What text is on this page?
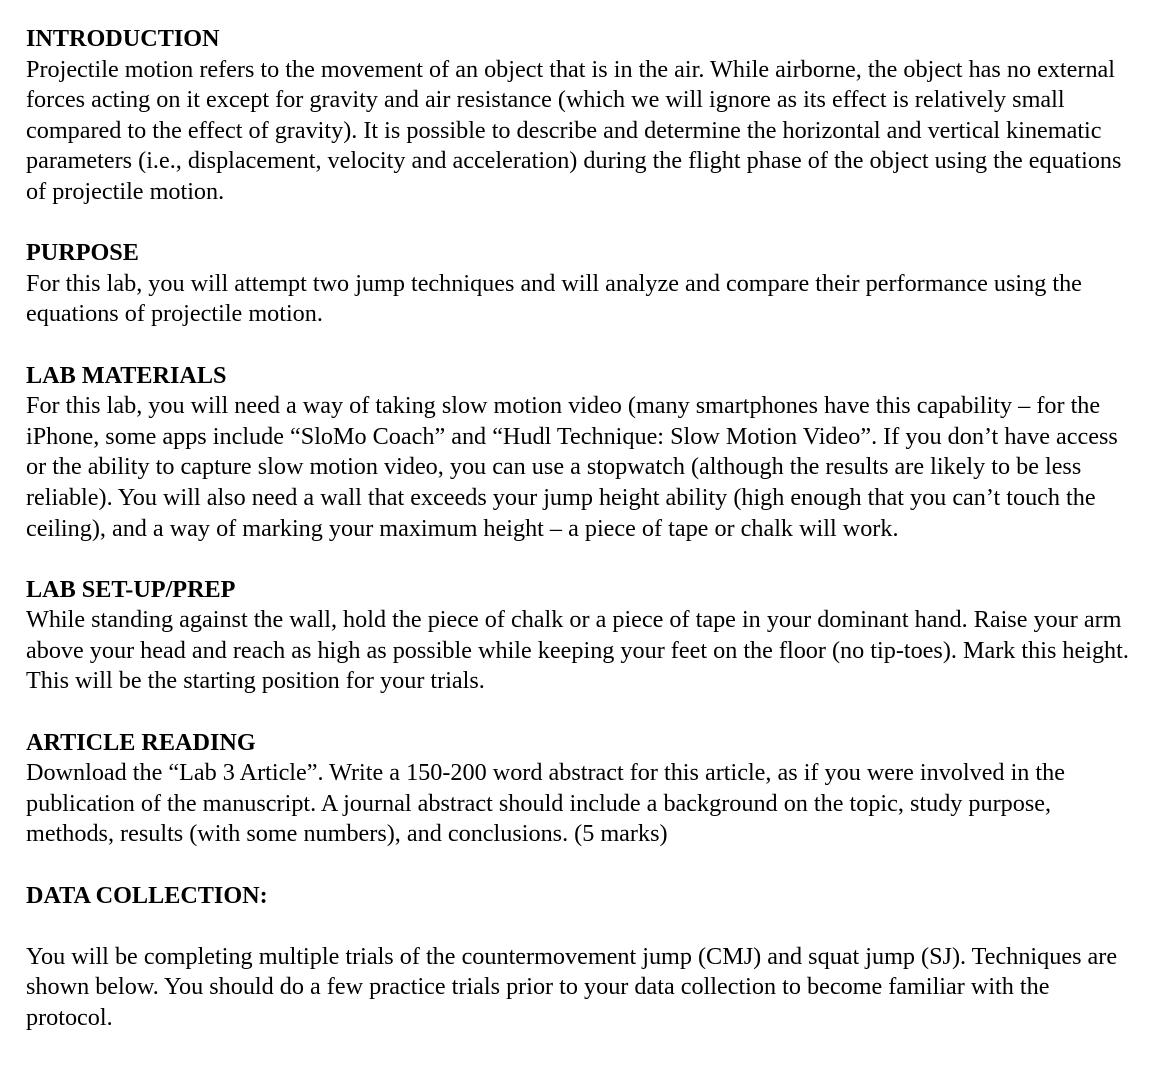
INTRODUCTION
Projectile motion refers to the movement of an object that is in the air. While airborne, the object has no external forces acting on it except for gravity and air resistance (which we will ignore as its effect is relatively small compared to the effect of gravity). It is possible to describe and determine the horizontal and vertical kinematic parameters (i.e., displacement, velocity and acceleration) during the flight phase of the object using the equations of projectile motion.
PURPOSE
For this lab, you will attempt two jump techniques and will analyze and compare their performance using the equations of projectile motion.
LAB MATERIALS
For this lab, you will need a way of taking slow motion video (many smartphones have this capability – for the iPhone, some apps include “SloMo Coach” and “Hudl Technique: Slow Motion Video”. If you don’t have access or the ability to capture slow motion video, you can use a stopwatch (although the results are likely to be less reliable). You will also need a wall that exceeds your jump height ability (high enough that you can’t touch the ceiling), and a way of marking your maximum height – a piece of tape or chalk will work.
LAB SET-UP/PREP
While standing against the wall, hold the piece of chalk or a piece of tape in your dominant hand. Raise your arm above your head and reach as high as possible while keeping your feet on the floor (no tip-toes). Mark this height. This will be the starting position for your trials.
ARTICLE READING
Download the “Lab 3 Article”. Write a 150-200 word abstract for this article, as if you were involved in the publication of the manuscript. A journal abstract should include a background on the topic, study purpose, methods, results (with some numbers), and conclusions. (5 marks)
DATA COLLECTION:
You will be completing multiple trials of the countermovement jump (CMJ) and squat jump (SJ). Techniques are shown below. You should do a few practice trials prior to your data collection to become familiar with the protocol.
